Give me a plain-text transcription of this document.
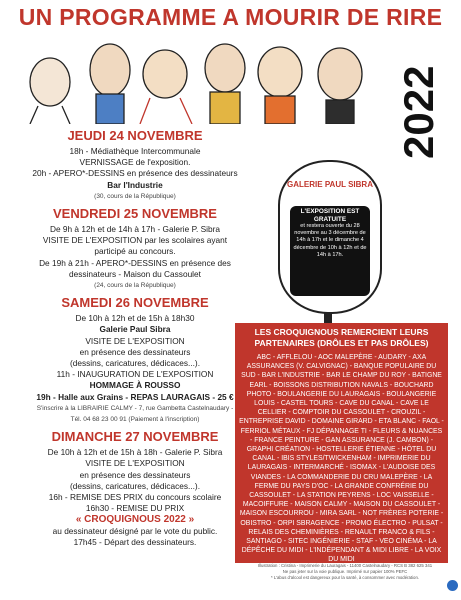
UN PROGRAMME A MOURIR DE RIRE
2022
JEUDI 24 NOVEMBRE
18h - Médiathèque Intercommunale
VERNISSAGE de l'exposition.
20h - APERO*-DESSINS en présence des dessinateurs
Bar l'Industrie
(30, cours de la République)
VENDREDI 25 NOVEMBRE
De 9h à 12h et de 14h à 17h - Galerie P. Sibra
VISITE DE L'EXPOSITION par les scolaires ayant
participé au concours.
De 19h à 21h - APERO*-DESSINS en présence des
dessinateurs - Maison du Cassoulet
(24, cours de la République)
SAMEDI 26 NOVEMBRE
De 10h à 12h et de 15h à 18h30
Galerie Paul Sibra
VISITE DE L'EXPOSITION
en présence des dessinateurs
(dessins, caricatures, dédicaces...).
11h - INAUGURATION DE L'EXPOSITION
HOMMAGE À ROUSSO
19h - Halle aux Grains - REPAS LAURAGAIS - 25 €
S'inscrire à la LIBRAIRIE CALMY - 7, rue Gambetta Castelnaudary -
Tél. 04 68 23 00 91 (Paiement à l'inscription)
DIMANCHE 27 NOVEMBRE
De 10h à 12h et de 15h à 18h - Galerie P. Sibra
VISITE DE L'EXPOSITION
en présence des dessinateurs
(dessins, caricatures, dédicaces...).
16h - REMISE DES PRIX du concours scolaire
16h30 - REMISE DU PRIX
« CROQUIGNOUS 2022 »
au dessinateur désigné par le vote du public.
17h45 - Départ des dessinateurs.
GALERIE PAUL SIBRA
L'EXPOSITION EST GRATUITE
et restera ouverte du 28 novembre au 3 décembre de 14h à 17h et le dimanche 4 décembre de 10h à 12h et de 14h à 17h.
LES CROQUIGNOUS REMERCIENT LEURS PARTENAIRES (DRÔLES ET PAS DRÔLES)
ABC - AFFLELOU - AOC MALEPÈRE - AUDARY - AXA ASSURANCES (V. CALVIGNAC) - BANQUE POPULAIRE DU SUD - BAR L'INDUSTRIE - BAR LE CHAMP DU ROY - BATIGNE EARL - BOISSONS DISTRIBUTION NAVALS - BOUCHARD PHOTO - BOULANGERIE DU LAURAGAIS - BOULANGERIE LOUIS - CASTEL TOURS - CAVE DU CANAL - CAVE LE CELLIER - COMPTOIR DU CASSOULET - CROUZIL - ENTREPRISE DAVID - DOMAINE GIRARD - ETA BLANC - FAOL - FERRIOL MÉTAUX - FJ DÉPANNAGE TI - FLEURS & NUANCES - FRANCE PEINTURE - GAN ASSURANCE (J. CAMBON) - GRAPHI CRÉATION - HOSTELLERIE ÉTIENNE - HÔTEL DU CANAL - IBIS STYLES/TWICKENHAM - IMPRIMERIE DU LAURAGAIS - INTERMARCHÉ - ISOMAX - L'AUDOISE DES VIANDES - LA COMMANDERIE DU CRU MALEPÈRE - LA FERME DU PAYS D'OC - LA GRANDE CONFRÉRIE DU CASSOULET - LA STATION PEYRENS - LOC VAISSELLE - MACOIFFURE - MAISON CALMY - MAISON DU CASSOULET - MAISON ESCOURROU - MIRA SARL - NOT FRÈRES POTERIE - OBISTRO - ORPI SBRAGENCE - PROMO ÉLECTRO - PULSAT - RELAIS DES CHEMINIÈRES - RENAULT FRANCO & FILS - SANTIAGO - SITEC INGÉNIERIE - STAF - VEO CINÉMA - LA DÉPÊCHE DU MIDI - L'INDÉPENDANT & MIDI LIBRE - LA VOIX DU MIDI
Illustration : Cristina - Imprimerie du Lauragais - 11400 Castelnaudary - RCS B 382 625 341
Ne pas jeter sur la voie publique. Imprimé sur papier 100% PEFC
* L'abus d'alcool est dangereux pour la santé, à consommer avec modération.
